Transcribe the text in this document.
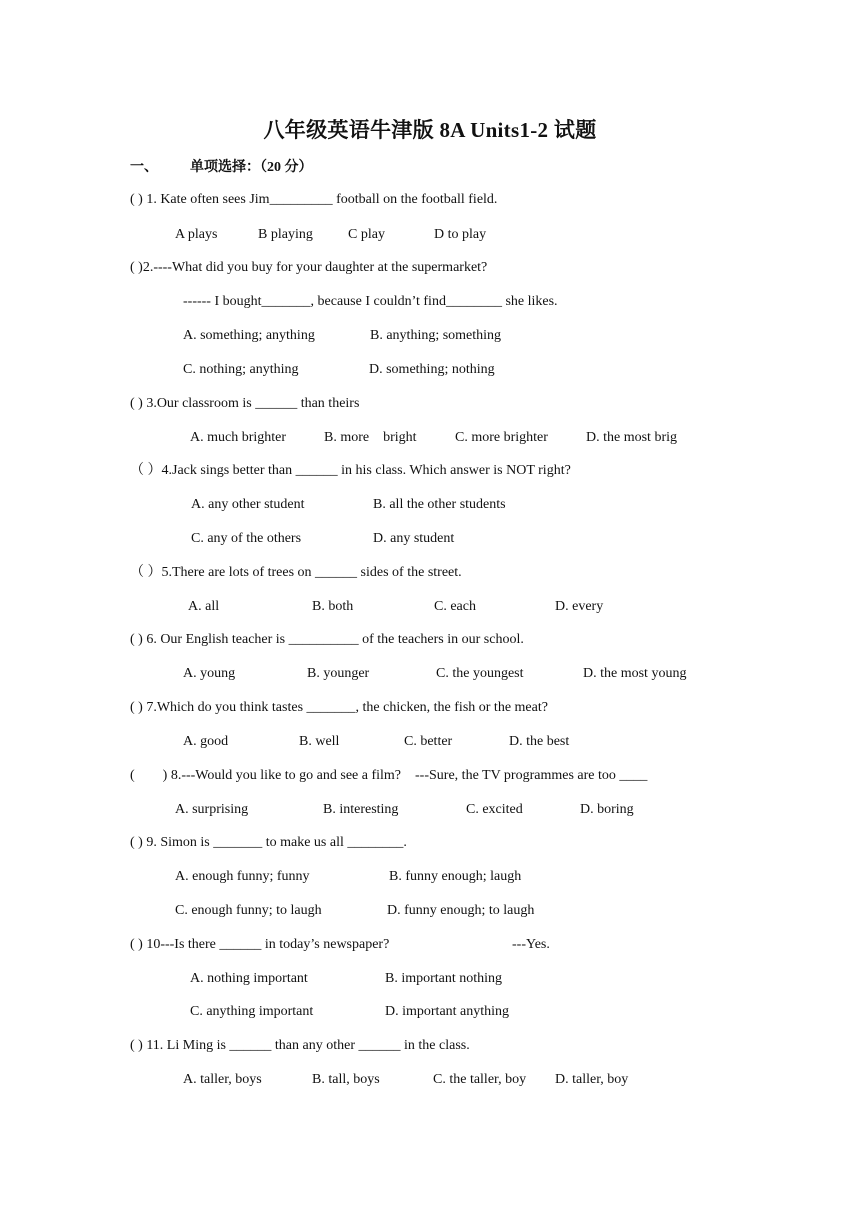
八年级英语牛津版 8A Units1-2 试题
一、 单项选择：（20 分）
( ) 1. Kate often sees Jim_________ football on the football field.
A plays	B playing	C play	D to play
( )2.----What did you buy for your daughter at the supermarket?
------ I bought_______, because I couldn’t find________ she likes.
A. something; anything	B. anything; something
C. nothing; anything	D. something; nothing
( ) 3.Our classroom is ______ than theirs
A. much brighter	B. more    bright	C. more brighter	D. the most brig
（ ）4.Jack sings better than ______ in his class. Which answer is NOT right?
A. any other student	B. all the other students
C. any of the others	D. any student
（ ）5.There are lots of trees on ______ sides of the street.
A. all	B. both	C. each	D. every
( ) 6. Our English teacher is __________ of the teachers in our school.
A. young	B. younger	C. the youngest	D. the most young
( ) 7.Which do you think tastes _______, the chicken, the fish or the meat?
A. good	B. well	C. better	D. the best
(        ) 8.---Would you like to go and see a film?    ---Sure, the TV programmes are too ____
A. surprising	B. interesting	C. excited	D. boring
( ) 9. Simon is _______ to make us all ________.
A. enough funny; funny	B. funny enough; laugh
C. enough funny; to laugh	D. funny enough; to laugh
( ) 10---Is there ______ in today’s newspaper?	---Yes.
A. nothing important	B. important nothing
C. anything important	D. important anything
( ) 11. Li Ming is ______ than any other ______ in the class.
A. taller, boys	B. tall, boys	C. the taller, boy D. taller, boy
